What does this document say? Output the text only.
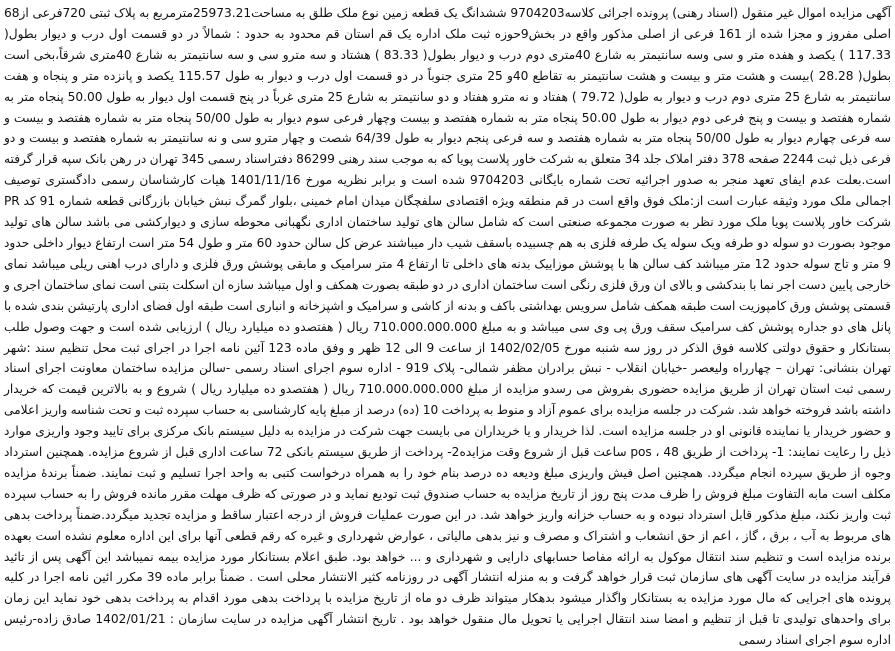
آگهی مزایده اموال غیر منقول (اسناد رهنی) پرونده اجرائی کلاسه9704203 ششدانگ یک قطعه زمین نوع ملک طلق به مساحت25973.21مترمربع به پلاک ثبتی 720فرعی از68 اصلی مفروز و مجزا شده از 161 فرعی از اصلی مذکور واقع در بخش9حوزه ثبت ملک اداره یک قم استان قم محدود به حدود : شمالاً در دو قسمت اول درب و دیوار بطول( 117.33 ) یکصد و هفده متر و سی وسه سانتیمتر به شارع 40متری دوم درب و دیوار بطول( 83.33 ) هشتاد و سه مترو سی و سه سانتیمتر به شارع 40متری شرقاً،بخی است بطول( 28.28 )بیست و هشت متر و بیست و هشت سانتیمتر به تقاطع 40و 25 متری جنوباً در دو قسمت اول درب و دیوار به طول 115.57 یکصد و پانزده متر و پنجاه و هفت سانتیمتر به شارع 25 متری دوم درب و دیوار به طول( 79.72 ) هفتاد و نه مترو هفتاد و دو سانتیمتر به شارع 25 متری غرباً در پنج قسمت اول دیوار به طول 50.00 پنجاه متر به شماره هفتصد و بیست و پنج فرعی دوم دیوار به طول 50.00 پنجاه متر به شماره هفتصد و بیست وچهار فرعی سوم دیوار به طول 50/00 پنجاه متر به شماره هفتصد و بیست و سه فرعی چهارم دیوار به طول 50/00 پنجاه متر به شماره هفتصد و سه فرعی پنجم دیوار به طول 64/39 شصت و چهار مترو سی و نه سانتیمتر به شماره هفتصد و بیست و دو فرعی ذیل ثبت 2244 صفحه 378 دفتر املاک جلد 34 متعلق به شرکت خاور پلاست پویا که به موجب سند رهنی 86299 دفتراسناد رسمی 345 تهران در رهن بانک سپه قرار گرفته است.بعلت عدم ایفای تعهد منجر به صدور اجرائیه تحت شماره بایگانی 9704203 شده است و برابر نظریه مورخ 1401/11/16 هیات کارشناسان رسمی دادگستری توصیف اجمالی ملک مورد وثیقه عبارت است از:ملک فوق واقع است در قم منطقه ویژه اقتصادی سلفچگان میدان امام خمینی ،بلوار گمرگ نبش خیابان بازرگانی قطعه شماره 91 کد PR شرکت خاور پلاست پویا ملک مورد نظر به صورت مجموعه صنعتی است که شامل سالن های تولید ساختمان اداری نگهبانی محوطه سازی و دیوارکشی می باشد سالن های تولید موجود بصورت دو سوله دو طرفه ویک سوله یک طرفه فلزی به هم چسبیده باسقف شیب دار میباشند عرض کل سالن حدود 60 متر و طول 54 متر است ارتفاع دیوار داخلی حدود 9 متر و تاج سوله حدود 12 متر میباشد کف سالن ها با پوشش موزاییک بدنه های داخلی تا ارتفاع 4 متر سرامیک و مابقی پوشش ورق فلزی و دارای درب اهنی ریلی میباشد نمای خارجی پایین دست اجر نما با بندکشی و بالای ان ورق فلزی رنگی است ساختمان اداری در دو طبقه بصورت همکف و اول میباشد سازه ان اسکلت بتنی است نمای ساختمان اجری و قسمتی پوشش ورق کامپوزیت است طبقه همکف شامل سرویس بهداشتی باکف و بدنه از کاشی و سرامیک و اشپزخانه و انباری است طبقه اول فضای اداری پارتیشن بندی شده با پانل های دو جداره پوشش کف سرامیک سقف ورق پی وی سی میباشد و به مبلغ 710.000.000.000 ریال ( هفتصدو ده میلیارد ریال ) ارزیابی شده است و جهت وصول طلب بستانکار و حقوق دولتی کلاسه فوق الذکر در روز سه شنبه مورخ 1402/02/05 از ساعت 9 الی 12 ظهر و وفق ماده 123 آئین نامه اجرا در اجرای ثبت محل تنظیم سند :شهر تهران بنشانی: تهران – چهارراه ولیعصر -خیابان انقلاب - نبش برادران مظفر شمالی- پلاک 919 - اداره سوم اجرای اسناد رسمی -سالن مزایده ساختمان معاونت اجرای اسناد رسمی ثبت استان تهران از طریق مزایده حضوری بفروش می رسدو مزایده از مبلغ 710.000.000.000 ریال ( هفتصدو ده میلیارد ریال ) شروع و به بالاترین قیمت که خریدار داشته باشد فروخته خواهد شد. شرکت در جلسه مزایده برای عموم آزاد و منوط به پرداخت 10 (ده) درصد از مبلغ پایه کارشناسی به حساب سپرده ثبت و تحت شناسه واریز اعلامی و حضور خریدار یا نماینده قانونی او در جلسه مزایده است. لذا خریدار و یا خریداران می بایست جهت شرکت در مزایده به دلیل سیستم بانک مرکزی برای تایید وجود واریزی موارد ذیل را رعایت نمایند: 1- پرداخت از طریق 48 ، pos ساعت قبل از شروع وقت مزایده2- پرداخت از طریق سیستم بانکی 72 ساعت اداری قبل از شروع مزایده. همچنین استرداد وجوه از طریق سپرده انجام میگردد. همچنین اصل فیش واریزی مبلغ ودیعه ده درصد بنام خود را به همراه درخواست کتبی به واحد اجرا تسلیم و ثبت نمایند. ضمناً برندهٔ مزایده مکلف است مابه التفاوت مبلغ فروش را ظرف مدت پنج روز از تاریخ مزایده به حساب صندوق ثبت تودیع نماید و در صورتی که ظرف مهلت مقرر مانده فروش را به حساب سپرده ثبت واریز نکند، مبلغ مذکور قابل استرداد نبوده و به حساب خزانه واریز خواهد شد. در این صورت عملیات فروش از درجه اعتبار ساقط و مزایده تجدید میگردد.ضمناً پرداخت بدهی های مربوط به آب ، برق ، گاز ، اعم از حق انشعاب و اشتراک و مصرف و نیز بدهی مالیاتی ، عوارض شهرداری و غیره که رقم قطعی آنها برای این اداره معلوم نشده است بعهده برنده مزایده است و تنظیم سند انتقال موکول به ارائه مفاصا حسابهای دارایی و شهرداری و ... خواهد بود. طبق اعلام بستانکار مورد مزایده بیمه نمیباشد این آگهی پس از تائید فرآیند مزایده در سایت آگهی های سازمان ثبت قرار خواهد گرفت و به منزله انتشار آگهی در روزنامه کثیر الانتشار محلی است . ضمناً برابر ماده 39 مکرر ائین نامه اجرا در کلیه پرونده های اجرایی که مال مورد مزایده به بستانکار واگذار میشود بدهکار میتواند ظرف دو ماه از تاریخ مزایده با پرداخت بدهی مورد اقدام به پرداخت بدهی خود نماید این زمان برای واحدهای تولیدی تا قبل از تنظیم و امضا سند انتقال اجرایی یا تحویل مال منقول خواهد بود . تاریخ انتشار آگهی مزایده در سایت سازمان : 1402/01/21 صادق زاده-رئیس اداره سوم اجرای اسناد رسمی
